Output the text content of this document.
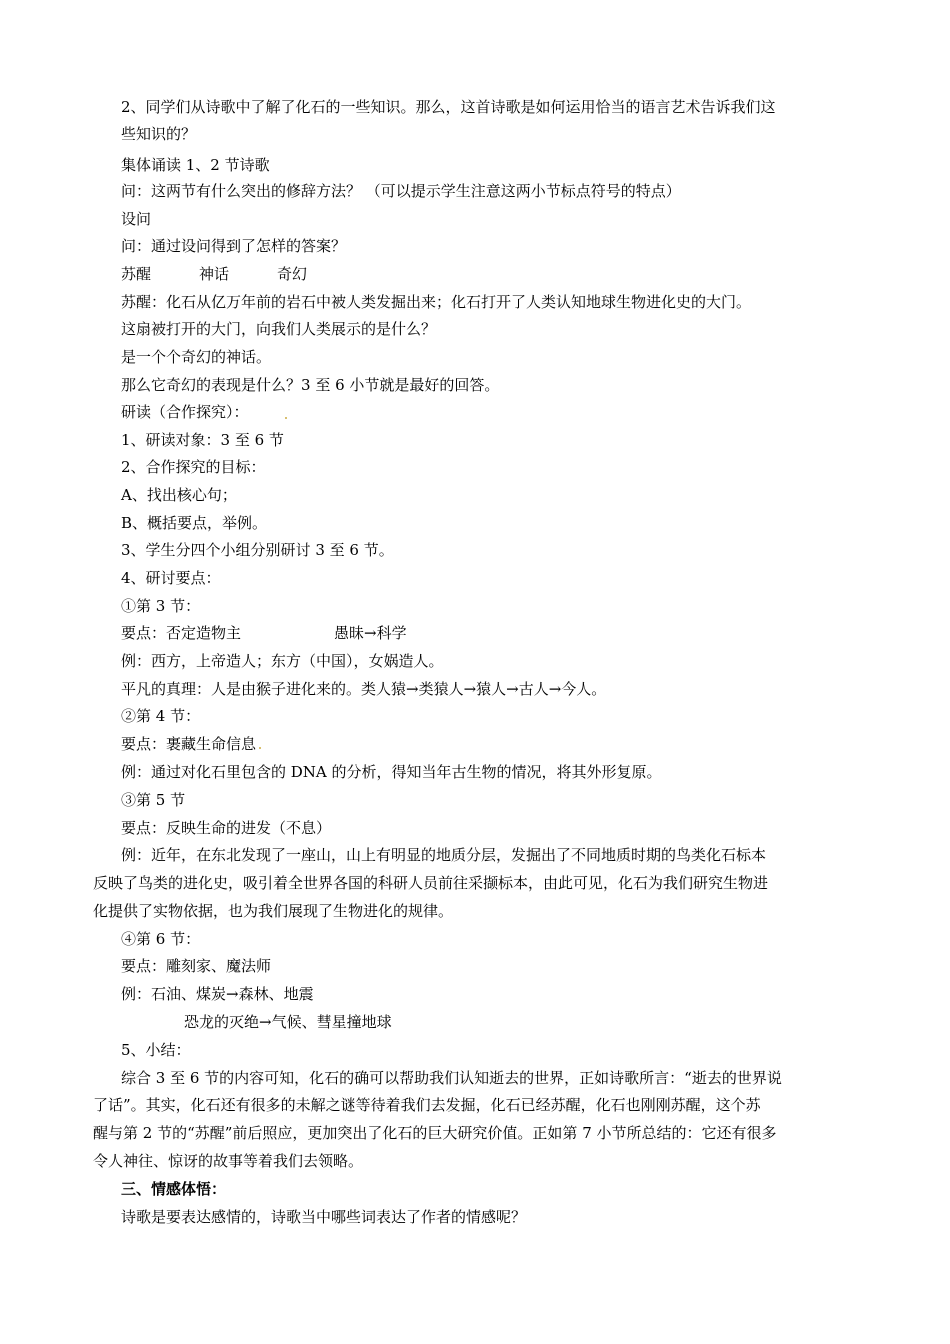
2、同学们从诗歌中了解了化石的一些知识。那么，这首诗歌是如何运用恰当的语言艺术告诉我们这
些知识的？
集体诵读 1、2 节诗歌
问：这两节有什么突出的修辞方法？ （可以提示学生注意这两小节标点符号的特点）
设问
问：通过设问得到了怎样的答案？
苏醒	神话	奇幻
苏醒：化石从亿万年前的岩石中被人类发掘出来；化石打开了人类认知地球生物进化史的大门。
这扇被打开的大门，向我们人类展示的是什么？
是一个个奇幻的神话。
那么它奇幻的表现是什么？3 至 6 小节就是最好的回答。
研读（合作探究）：
1、研读对象：3 至 6 节
2、合作探究的目标：
A、找出核心句；
B、概括要点，举例。
3、学生分四个小组分别研讨 3 至 6 节。
4、研讨要点：
①第 3 节：
要点：否定造物主	愚昧→科学
例：西方，上帝造人；东方（中国），女娲造人。
平凡的真理：人是由猴子进化来的。类人猿→类猿人→猿人→古人→今人。
②第 4 节：
要点：裹藏生命信息
例：通过对化石里包含的 DNA 的分析，得知当年古生物的情况，将其外形复原。
③第 5 节
要点：反映生命的进发（不息）
例：近年，在东北发现了一座山，山上有明显的地质分层，发掘出了不同地质时期的鸟类化石标本
反映了鸟类的进化史，吸引着全世界各国的科研人员前往采撷标本，由此可见，化石为我们研究生物进
化提供了实物依据，也为我们展现了生物进化的规律。
④第 6 节：
要点：雕刻家、魔法师
例：石油、煤炭→森林、地震
恐龙的灭绝→气候、彗星撞地球
5、小结：
综合 3 至 6 节的内容可知，化石的确可以帮助我们认知逝去的世界，正如诗歌所言：“逝去的世界说
了话”。其实，化石还有很多的未解之谜等待着我们去发掘，化石已经苏醒，化石也刚刚苏醒，这个苏
醒与第 2 节的“苏醒”前后照应，更加突出了化石的巨大研究价值。正如第 7 小节所总结的：它还有很多
令人神往、惊讶的故事等着我们去领略。
三、情感体悟：
诗歌是要表达感情的，诗歌当中哪些词表达了作者的情感呢？
